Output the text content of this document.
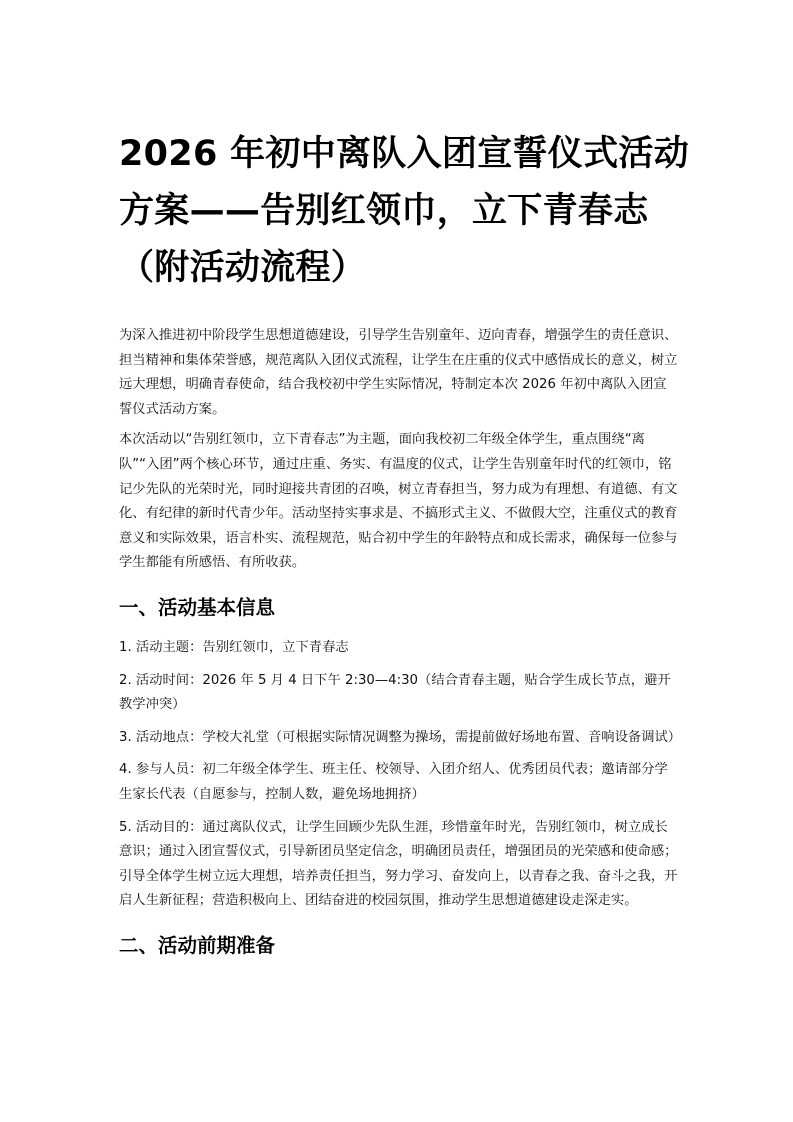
2026 年初中离队入团宣誓仪式活动
方案——告别红领巾，立下青春志
（附活动流程）

为深入推进初中阶段学生思想道德建设，引导学生告别童年、迈向青春，增强学生的责任意识、担当精神和集体荣誉感，规范离队入团仪式流程，让学生在庄重的仪式中感悟成长的意义，树立远大理想，明确青春使命，结合我校初中学生实际情况，特制定本次 2026 年初中离队入团宣誓仪式活动方案。

本次活动以“告别红领巾，立下青春志”为主题，面向我校初二年级全体学生，重点围绕“离队”“入团”两个核心环节，通过庄重、务实、有温度的仪式，让学生告别童年时代的红领巾，铭记少先队的光荣时光，同时迎接共青团的召唤，树立青春担当，努力成为有理想、有道德、有文化、有纪律的新时代青少年。活动坚持实事求是、不搞形式主义、不做假大空，注重仪式的教育意义和实际效果，语言朴实、流程规范，贴合初中学生的年龄特点和成长需求，确保每一位参与学生都能有所感悟、有所收获。

一、活动基本信息

1. 活动主题：告别红领巾，立下青春志

2. 活动时间：2026 年 5 月 4 日下午 2:30—4:30（结合青春主题，贴合学生成长节点，避开教学冲突）

3. 活动地点：学校大礼堂（可根据实际情况调整为操场，需提前做好场地布置、音响设备调试）

4. 参与人员：初二年级全体学生、班主任、校领导、入团介绍人、优秀团员代表；邀请部分学生家长代表（自愿参与，控制人数，避免场地拥挤）

5. 活动目的：通过离队仪式，让学生回顾少先队生涯，珍惜童年时光，告别红领巾，树立成长意识；通过入团宣誓仪式，引导新团员坚定信念，明确团员责任，增强团员的光荣感和使命感；引导全体学生树立远大理想，培养责任担当，努力学习、奋发向上，以青春之我、奋斗之我，开启人生新征程；营造积极向上、团结奋进的校园氛围，推动学生思想道德建设走深走实。

二、活动前期准备
